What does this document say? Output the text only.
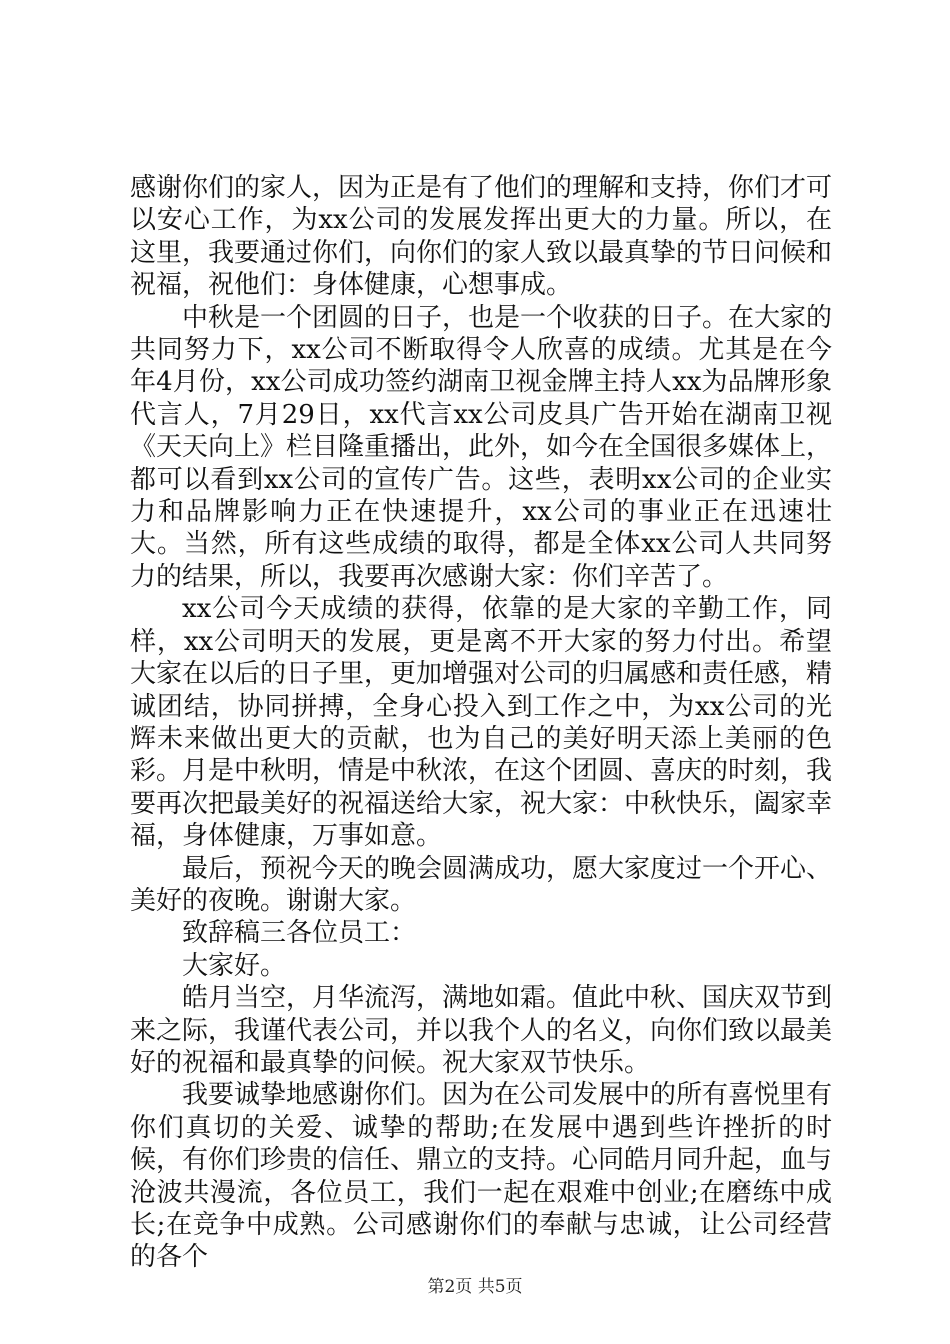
感谢你们的家人，因为正是有了他们的理解和支持，你们才可以安心工作，为xx公司的发展发挥出更大的力量。所以，在这里，我要通过你们，向你们的家人致以最真挚的节日问候和祝福，祝他们：身体健康，心想事成。

中秋是一个团圆的日子，也是一个收获的日子。在大家的共同努力下，xx公司不断取得令人欣喜的成绩。尤其是在今年4月份，xx公司成功签约湖南卫视金牌主持人xx为品牌形象代言人，7月29日，xx代言xx公司皮具广告开始在湖南卫视《天天向上》栏目隆重播出，此外，如今在全国很多媒体上，都可以看到xx公司的宣传广告。这些，表明xx公司的企业实力和品牌影响力正在快速提升，xx公司的事业正在迅速壮大。当然，所有这些成绩的取得，都是全体xx公司人共同努力的结果，所以，我要再次感谢大家：你们辛苦了。

xx公司今天成绩的获得，依靠的是大家的辛勤工作，同样，xx公司明天的发展，更是离不开大家的努力付出。希望大家在以后的日子里，更加增强对公司的归属感和责任感，精诚团结，协同拼搏，全身心投入到工作之中，为xx公司的光辉未来做出更大的贡献，也为自己的美好明天添上美丽的色彩。月是中秋明，情是中秋浓，在这个团圆、喜庆的时刻，我要再次把最美好的祝福送给大家，祝大家：中秋快乐，阖家幸福，身体健康，万事如意。

最后，预祝今天的晚会圆满成功，愿大家度过一个开心、美好的夜晚。谢谢大家。

致辞稿三各位员工：

大家好。

皓月当空，月华流泻，满地如霜。值此中秋、国庆双节到来之际，我谨代表公司，并以我个人的名义，向你们致以最美好的祝福和最真挚的问候。祝大家双节快乐。

我要诚挚地感谢你们。因为在公司发展中的所有喜悦里有你们真切的关爱、诚挚的帮助;在发展中遇到些许挫折的时候，有你们珍贵的信任、鼎立的支持。心同皓月同升起，血与沧波共漫流，各位员工，我们一起在艰难中创业;在磨练中成长;在竞争中成熟。公司感谢你们的奉献与忠诚，让公司经营的各个

第2页 共5页
